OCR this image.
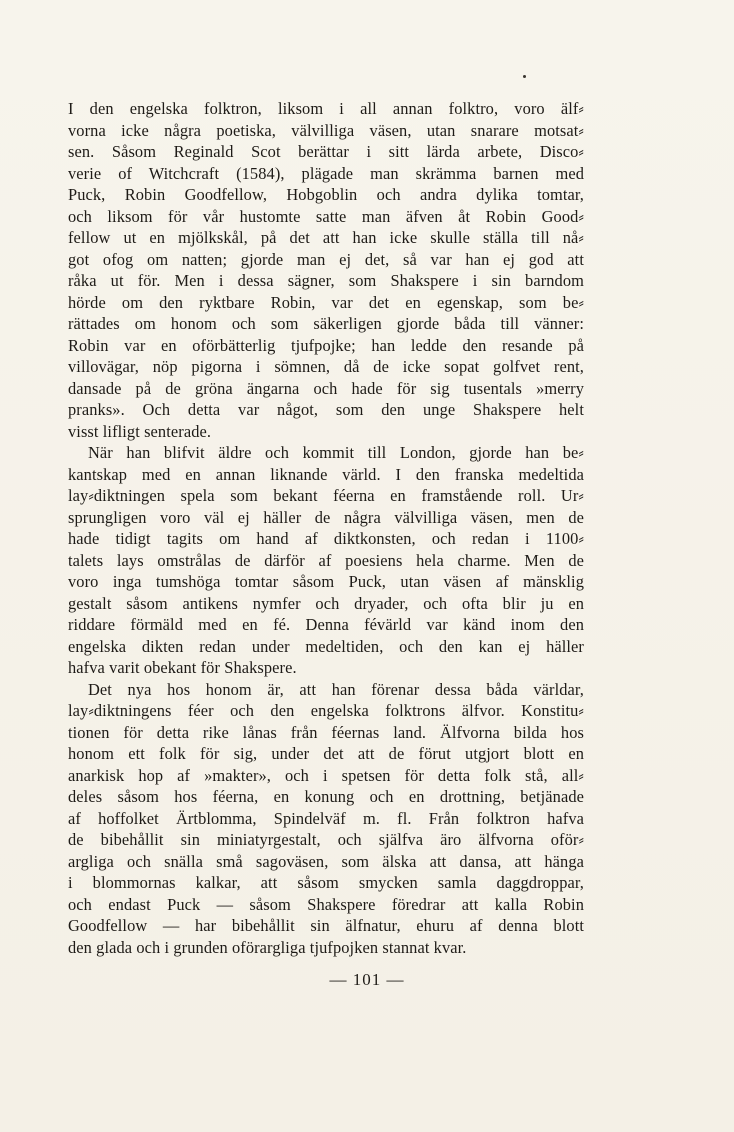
I den engelska folktron, liksom i all annan folktro, voro älf⸗
vorna icke några poetiska, välvilliga väsen, utan snarare motsat⸗
sen. Såsom Reginald Scot berättar i sitt lärda arbete, Disco⸗
verie of Witchcraft (1584), plägade man skrämma barnen med
Puck, Robin Goodfellow, Hobgoblin och andra dylika tomtar,
och liksom för vår hustomte satte man äfven åt Robin Good⸗
fellow ut en mjölkskål, på det att han icke skulle ställa till nå⸗
got ofog om natten; gjorde man ej det, så var han ej god att
råka ut för. Men i dessa sägner, som Shakspere i sin barndom
hörde om den ryktbare Robin, var det en egenskap, som be⸗
rättades om honom och som säkerligen gjorde båda till vänner:
Robin var en oförbätterlig tjufpojke; han ledde den resande på
villovägar, nöp pigorna i sömnen, då de icke sopat golfvet rent,
dansade på de gröna ängarna och hade för sig tusentals »merry
pranks». Och detta var något, som den unge Shakspere helt
visst lifligt senterade.
När han blifvit äldre och kommit till London, gjorde han be⸗
kantskap med en annan liknande värld. I den franska medeltida
lay⸗diktningen spela som bekant féerna en framstående roll. Ur⸗
sprungligen voro väl ej häller de några välvilliga väsen, men de
hade tidigt tagits om hand af diktkonsten, och redan i 1100⸗
talets lays omstrålas de därför af poesiens hela charme. Men de
voro inga tumshöga tomtar såsom Puck, utan väsen af mänsklig
gestalt såsom antikens nymfer och dryader, och ofta blir ju en
riddare förmäld med en fé. Denna févärld var känd inom den
engelska dikten redan under medeltiden, och den kan ej häller
hafva varit obekant för Shakspere.
Det nya hos honom är, att han förenar dessa båda världar,
lay⸗diktningens féer och den engelska folktrons älfvor. Konstitu⸗
tionen för detta rike lånas från féernas land. Älfvorna bilda hos
honom ett folk för sig, under det att de förut utgjort blott en
anarkisk hop af »makter», och i spetsen för detta folk stå, all⸗
deles såsom hos féerna, en konung och en drottning, betjänade
af hoffolket Ärtblomma, Spindelväf m. fl. Från folktron hafva
de bibehållit sin miniatyrgestalt, och själfva äro älfvorna oför⸗
argliga och snälla små sagoväsen, som älska att dansa, att hänga
i blommornas kalkar, att såsom smycken samla daggdroppar,
och endast Puck — såsom Shakspere föredrar att kalla Robin
Goodfellow — har bibehållit sin älfnatur, ehuru af denna blott
den glada och i grunden oförargliga tjufpojken stannat kvar.
— 101 —
